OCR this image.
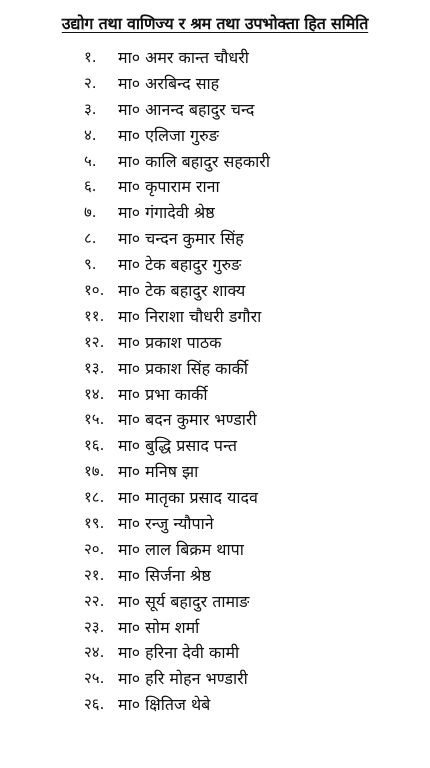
उद्योग तथा वाणिज्य र श्रम तथा उपभोक्ता हित समिति
१.	मा० अमर कान्त चौधरी
२.	मा० अरबिन्द साह
३.	मा० आनन्द बहादुर चन्द
४.	मा० एलिजा गुरुङ
५.	मा० कालि बहादुर सहकारी
६.	मा० कृपाराम राना
७.	मा० गंगादेवी श्रेष्ठ
८.	मा० चन्दन कुमार सिंह
९.	मा० टेक बहादुर गुरुङ
१०. मा० टेक बहादुर शाक्य
११. मा० निराशा चौधरी डगौरा
१२. मा० प्रकाश पाठक
१३. मा० प्रकाश सिंह कार्की
१४. मा० प्रभा कार्की
१५. मा० बदन कुमार भण्डारी
१६. मा० बुद्धि प्रसाद पन्त
१७. मा० मनिष झा
१८. मा० मातृका प्रसाद यादव
१९. मा० रन्जु न्यौपाने
२०. मा० लाल बिक्रम थापा
२१. मा० सिर्जना श्रेष्ठ
२२. मा० सूर्य बहादुर तामाङ
२३. मा० सोम शर्मा
२४. मा० हरिना देवी कामी
२५. मा० हरि मोहन भण्डारी
२६. मा० क्षितिज थेबे
